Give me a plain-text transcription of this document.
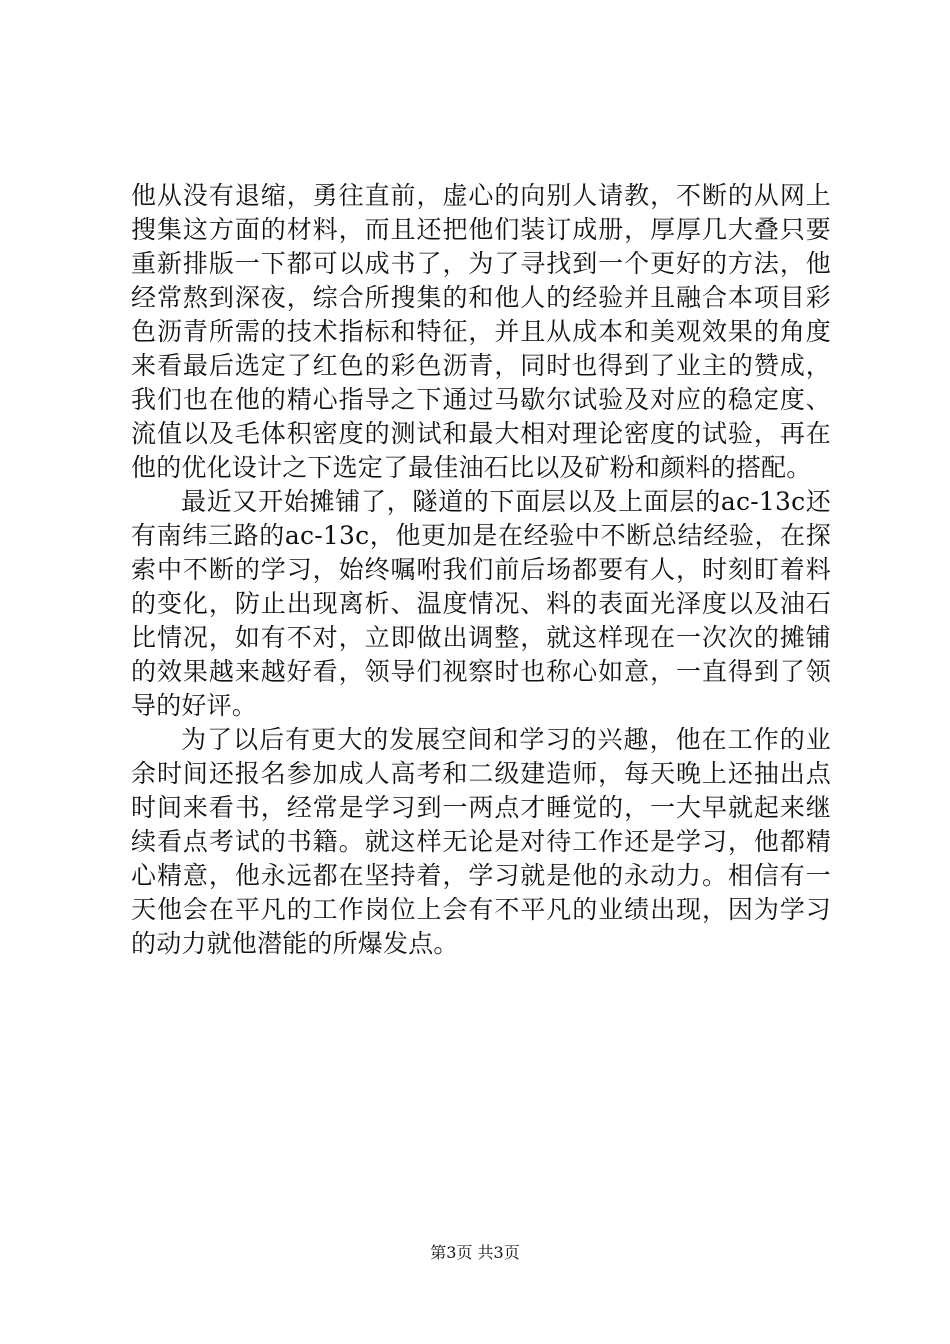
他从没有退缩，勇往直前，虚心的向别人请教，不断的从网上
搜集这方面的材料，而且还把他们装订成册，厚厚几大叠只要
重新排版一下都可以成书了，为了寻找到一个更好的方法，他
经常熬到深夜，综合所搜集的和他人的经验并且融合本项目彩
色沥青所需的技术指标和特征，并且从成本和美观效果的角度
来看最后选定了红色的彩色沥青，同时也得到了业主的赞成，
我们也在他的精心指导之下通过马歇尔试验及对应的稳定度、
流值以及毛体积密度的测试和最大相对理论密度的试验，再在
他的优化设计之下选定了最佳油石比以及矿粉和颜料的搭配。
最近又开始摊铺了，隧道的下面层以及上面层的ac-13c还
有南纬三路的ac-13c，他更加是在经验中不断总结经验，在探
索中不断的学习，始终嘱咐我们前后场都要有人，时刻盯着料
的变化，防止出现离析、温度情况、料的表面光泽度以及油石
比情况，如有不对，立即做出调整，就这样现在一次次的摊铺
的效果越来越好看，领导们视察时也称心如意，一直得到了领
导的好评。
为了以后有更大的发展空间和学习的兴趣，他在工作的业
余时间还报名参加成人高考和二级建造师，每天晚上还抽出点
时间来看书，经常是学习到一两点才睡觉的，一大早就起来继
续看点考试的书籍。就这样无论是对待工作还是学习，他都精
心精意，他永远都在坚持着，学习就是他的永动力。相信有一
天他会在平凡的工作岗位上会有不平凡的业绩出现，因为学习
的动力就他潜能的所爆发点。
第3页 共3页
